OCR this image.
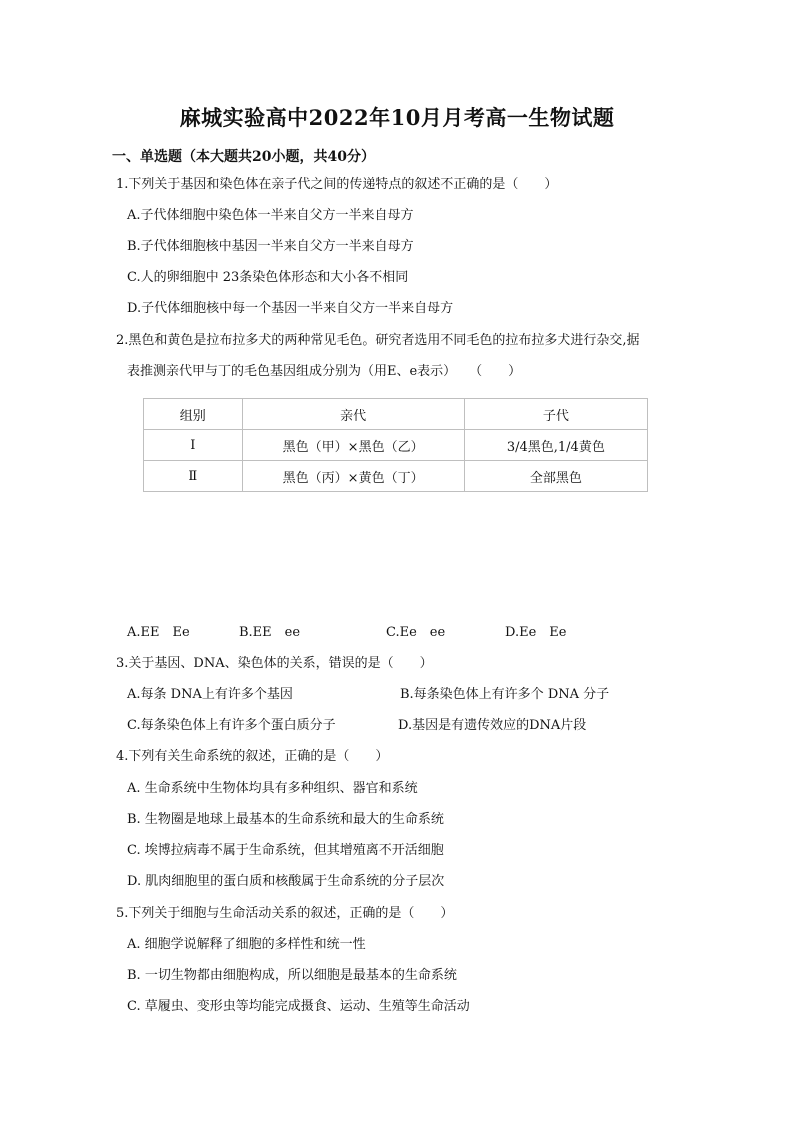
麻城实验高中2022年10月月考高一生物试题
一、单选题（本大题共20小题，共40分）
1.下列关于基因和染色体在亲子代之间的传递特点的叙述不正确的是（　　）
A.子代体细胞中染色体一半来自父方一半来自母方
B.子代体细胞核中基因一半来自父方一半来自母方
C.人的卵细胞中 23条染色体形态和大小各不相同
D.子代体细胞核中每一个基因一半来自父方一半来自母方
2.黑色和黄色是拉布拉多犬的两种常见毛色。研究者选用不同毛色的拉布拉多犬进行杂交,据
表推测亲代甲与丁的毛色基因组成分别为（用E、e表示）　　（　　）
组别	亲代	子代
Ⅰ	黑色（甲）×黑色（乙）	3/4黑色,1/4黄色
Ⅱ	黑色（丙）×黄色（丁）	全部黑色
A.EE　Ee	B.EE　ee	C.Ee　ee	D.Ee　Ee
3.关于基因、DNA、染色体的关系，错误的是（　　）
A.每条 DNA上有许多个基因	B.每条染色体上有许多个 DNA 分子
C.每条染色体上有许多个蛋白质分子	D.基因是有遗传效应的DNA片段
4.下列有关生命系统的叙述，正确的是（　　）
A. 生命系统中生物体均具有多种组织、器官和系统
B. 生物圈是地球上最基本的生命系统和最大的生命系统
C. 埃博拉病毒不属于生命系统，但其增殖离不开活细胞
D. 肌肉细胞里的蛋白质和核酸属于生命系统的分子层次
5.下列关于细胞与生命活动关系的叙述，正确的是（　　）
A. 细胞学说解释了细胞的多样性和统一性
B. 一切生物都由细胞构成，所以细胞是最基本的生命系统
C. 草履虫、变形虫等均能完成摄食、运动、生殖等生命活动
